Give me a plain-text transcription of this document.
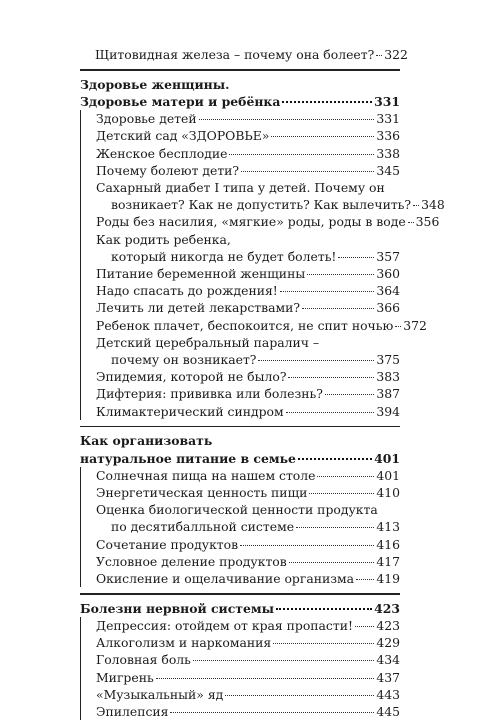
Щитовидная железа – почему она болеет? 322
Здоровье женщины.
Здоровье матери и ребёнка	331
Здоровье детей	331
Детский сад «ЗДОРОВЬЕ»	336
Женское бесплодие	338
Почему болеют дети?	345
Сахарный диабет I типа у детей. Почему он
возникает? Как не допустить? Как вылечить? 348
Роды без насилия, «мягкие» роды, роды в воде 356
Как родить ребенка,
который никогда не будет болеть!	357
Питание беременной женщины	360
Надо спасать до рождения!	364
Лечить ли детей лекарствами?	366
Ребенок плачет, беспокоится, не спит ночью 372
Детский церебральный паралич –
почему он возникает?	375
Эпидемия, которой не было?	383
Дифтерия: прививка или болезнь?	387
Климактерический синдром	394
Как организовать
натуральное питание в семье	401
Солнечная пища на нашем столе	401
Энергетическая ценность пищи	410
Оценка биологической ценности продукта
по десятибалльной системе	413
Сочетание продуктов	416
Условное деление продуктов	417
Окисление и ощелачивание организма 419
Болезни нервной системы	423
Депрессия: отойдем от края пропасти! 423
Алкоголизм и наркомания	429
Головная боль	434
Мигрень	437
«Музыкальный» яд	443
Эпилепсия	445
